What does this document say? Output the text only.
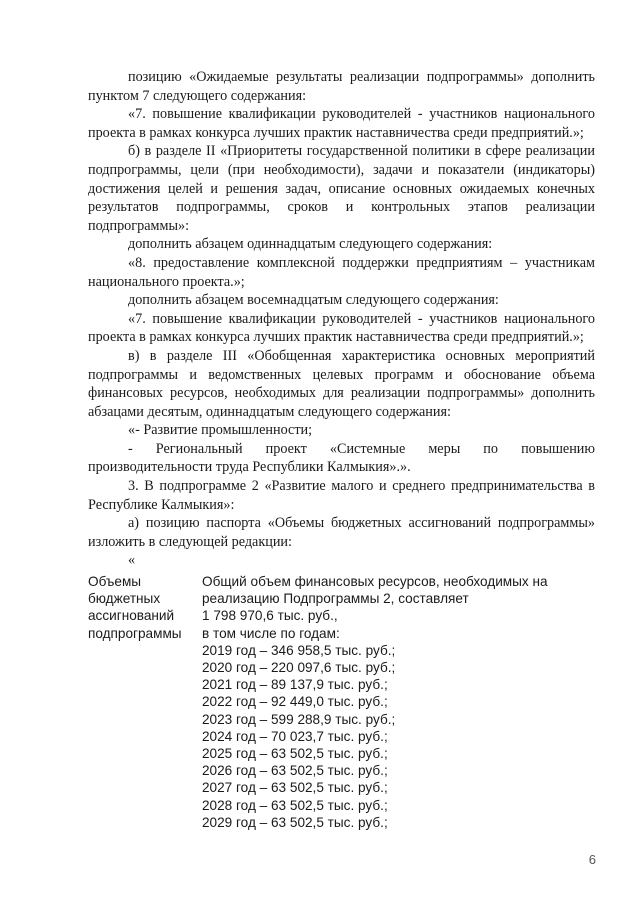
позицию «Ожидаемые результаты реализации подпрограммы» дополнить пунктом 7 следующего содержания:

«7. повышение квалификации руководителей - участников национального проекта в рамках конкурса лучших практик наставничества среди предприятий.»;

б) в разделе II «Приоритеты государственной политики в сфере реализации подпрограммы, цели (при необходимости), задачи и показатели (индикаторы) достижения целей и решения задач, описание основных ожидаемых конечных результатов подпрограммы, сроков и контрольных этапов реализации подпрограммы»:

дополнить абзацем одиннадцатым следующего содержания:

«8. предоставление комплексной поддержки предприятиям – участникам национального проекта.»;

дополнить абзацем восемнадцатым следующего содержания:

«7. повышение квалификации руководителей - участников национального проекта в рамках конкурса лучших практик наставничества среди предприятий.»;

в) в разделе III «Обобщенная характеристика основных мероприятий подпрограммы и ведомственных целевых программ и обоснование объема финансовых ресурсов, необходимых для реализации подпрограммы» дополнить абзацами десятым, одиннадцатым следующего содержания:

«- Развитие промышленности;

- Региональный проект «Системные меры по повышению производительности труда Республики Калмыкия».».

3. В подпрограмме 2 «Развитие малого и среднего предпринимательства в Республике Калмыкия»:

а) позицию паспорта «Объемы бюджетных ассигнований подпрограммы» изложить в следующей редакции:

«

Объемы бюджетных ассигнований подпрограммы
Общий объем финансовых ресурсов, необходимых на реализацию Подпрограммы 2, составляет
1 798 970,6 тыс. руб.,
в том числе по годам:
2019 год – 346 958,5 тыс. руб.;
2020 год – 220 097,6 тыс. руб.;
2021 год – 89 137,9 тыс. руб.;
2022 год – 92 449,0 тыс. руб.;
2023 год – 599 288,9 тыс. руб.;
2024 год – 70 023,7 тыс. руб.;
2025 год – 63 502,5 тыс. руб.;
2026 год – 63 502,5 тыс. руб.;
2027 год – 63 502,5 тыс. руб.;
2028 год – 63 502,5 тыс. руб.;
2029 год – 63 502,5 тыс. руб.;
6
